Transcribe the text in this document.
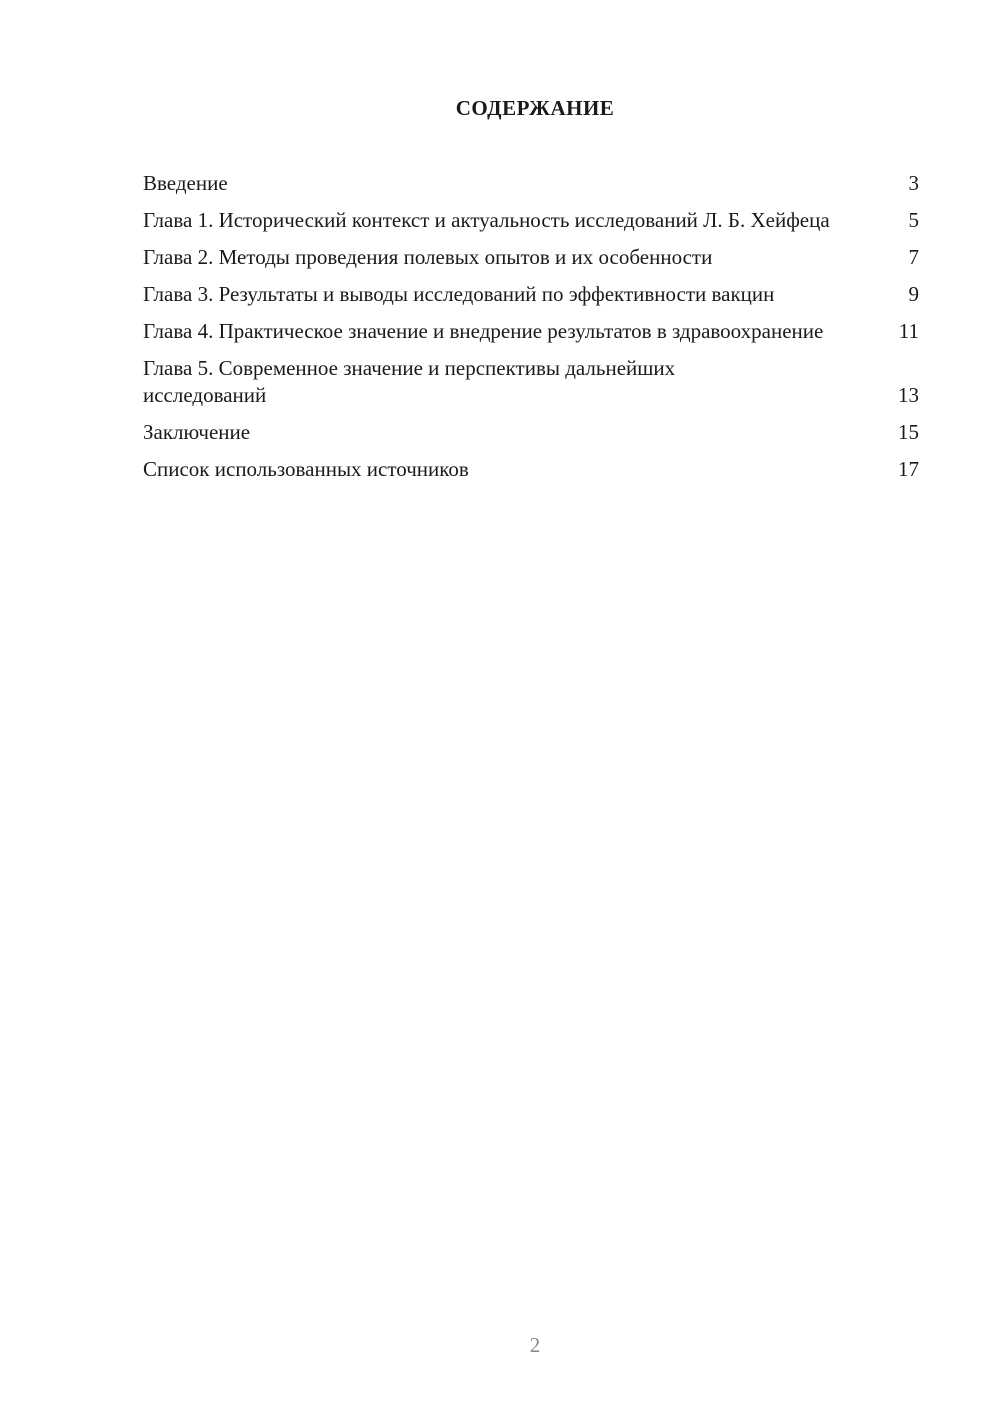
СОДЕРЖАНИЕ
Введение	3
Глава 1. Исторический контекст и актуальность исследований Л. Б. Хейфеца	5
Глава 2. Методы проведения полевых опытов и их особенности	7
Глава 3. Результаты и выводы исследований по эффективности вакцин	9
Глава 4. Практическое значение и внедрение результатов в здравоохранение	11
Глава 5. Современное значение и перспективы дальнейших исследований	13
Заключение	15
Список использованных источников	17
2
